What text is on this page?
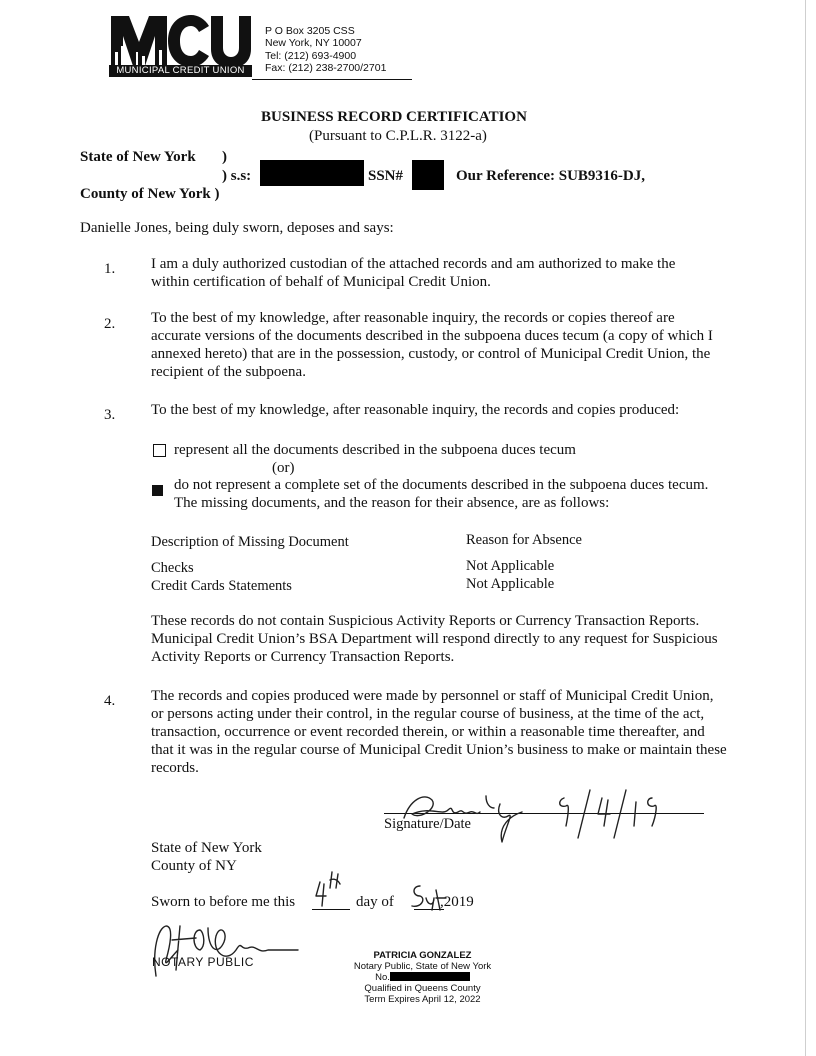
MUNICIPAL CREDIT UNION
P O Box 3205 CSS
New York, NY 10007
Tel: (212) 693-4900
Fax: (212) 238-2700/2701
BUSINESS RECORD CERTIFICATION
(Pursuant to C.P.L.R. 3122-a)
State of New York )
) s.s:	SSN#	Our Reference: SUB9316-DJ,
County of New York )
Danielle Jones, being duly sworn, deposes and says:
1. I am a duly authorized custodian of the attached records and am authorized to make the within certification of behalf of Municipal Credit Union.
2. To the best of my knowledge, after reasonable inquiry, the records or copies thereof are accurate versions of the documents described in the subpoena duces tecum (a copy of which I annexed hereto) that are in the possession, custody, or control of Municipal Credit Union, the recipient of the subpoena.
3. To the best of my knowledge, after reasonable inquiry, the records and copies produced:
represent all the documents described in the subpoena duces tecum
(or)
do not represent a complete set of the documents described in the subpoena duces tecum. The missing documents, and the reason for their absence, are as follows:
Description of Missing Document	Reason for Absence
Checks	Not Applicable
Credit Cards Statements	Not Applicable
These records do not contain Suspicious Activity Reports or Currency Transaction Reports. Municipal Credit Union’s BSA Department will respond directly to any request for Suspicious Activity Reports or Currency Transaction Reports.
4. The records and copies produced were made by personnel or staff of Municipal Credit Union, or persons acting under their control, in the regular course of business, at the time of the act, transaction, occurrence or event recorded therein, or within a reasonable time thereafter, and that it was in the regular course of Municipal Credit Union’s business to make or maintain these records.
Signature/Date
State of New York
County of NY
Sworn to before me this	day of	,2019
NOTARY PUBLIC	PATRICIA GONZALEZ
Notary Public, State of New York
No.
Qualified in Queens County
Term Expires April 12, 2022
